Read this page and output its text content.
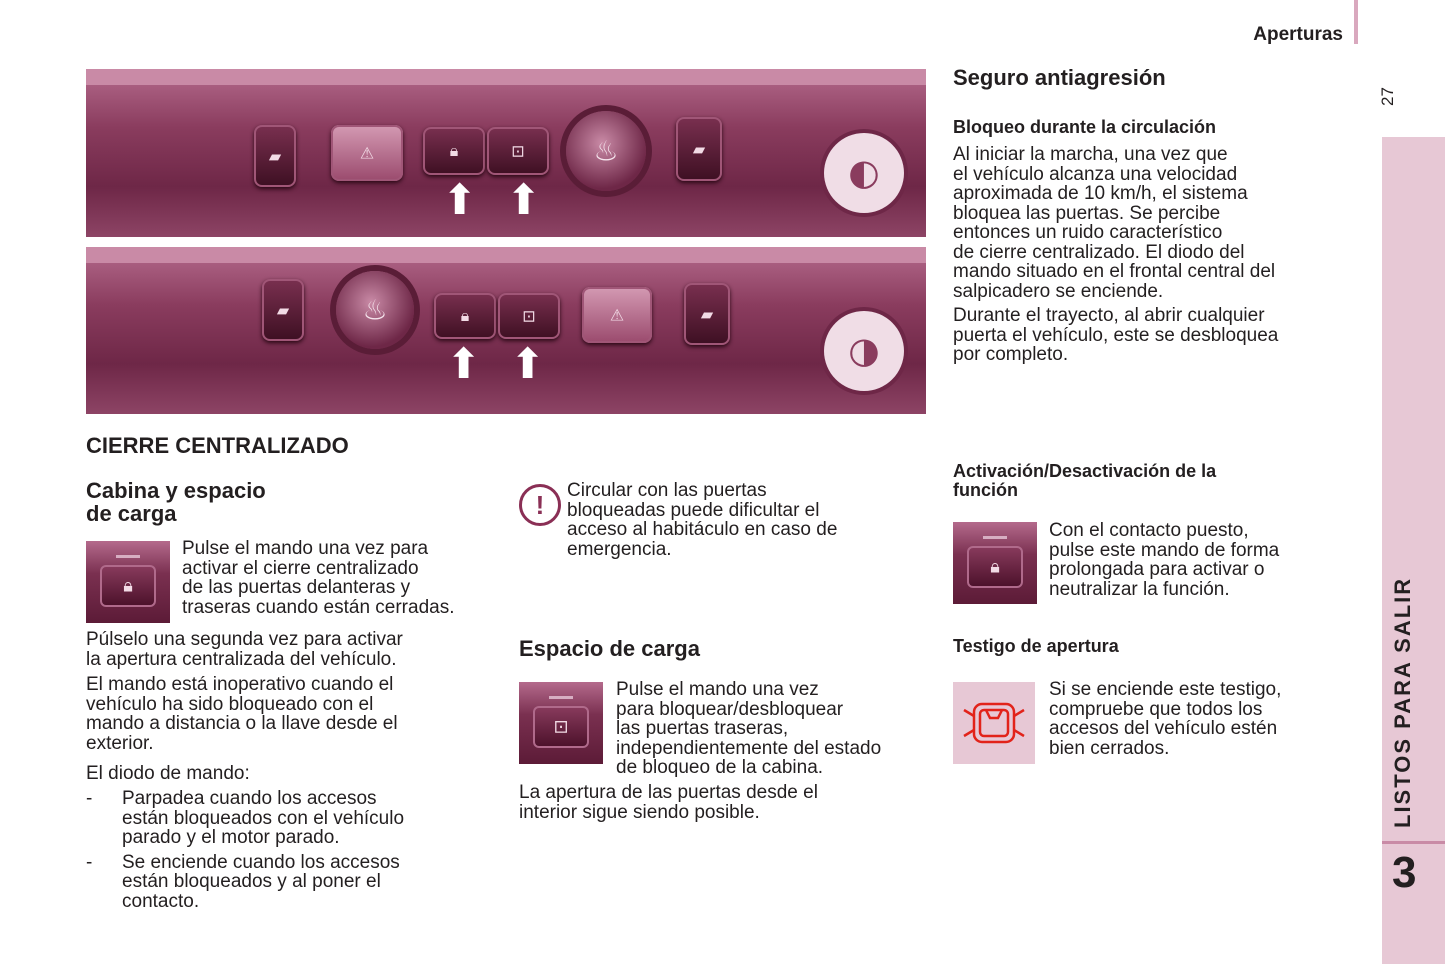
Aperturas
27
LISTOS PARA SALIR
3
▰	⚠	🔒︎	⊡ ♨	▰
⬆ ⬆
◐
▰	♨	🔒︎	⊡	⚠	▰
⬆ ⬆	◑
CIERRE CENTRALIZADO
Cabina y espacio
de carga
🔒︎
Pulse el mando una vez para
activar el cierre centralizado
de las puertas delanteras y
traseras cuando están cerradas.
Púlselo una segunda vez para activar
la apertura centralizada del vehículo.
El mando está inoperativo cuando el
vehículo ha sido bloqueado con el
mando a distancia o la llave desde el
exterior.
El diodo de mando:
- Parpadea cuando los accesos
están bloqueados con el vehículo
parado y el motor parado.
- Se enciende cuando los accesos
están bloqueados y al poner el
contacto.
!	Circular con las puertas
bloqueadas puede dificultar el
acceso al habitáculo en caso de
emergencia.
Espacio de carga
⊡
Pulse el mando una vez
para bloquear/desbloquear
las puertas traseras,
independientemente del estado
de bloqueo de la cabina.
La apertura de las puertas desde el
interior sigue siendo posible.
Seguro antiagresión
Bloqueo durante la circulación
Al iniciar la marcha, una vez que
el vehículo alcanza una velocidad
aproximada de 10 km/h, el sistema
bloquea las puertas. Se percibe
entonces un ruido característico
de cierre centralizado. El diodo del
mando situado en el frontal central del
salpicadero se enciende.
Durante el trayecto, al abrir cualquier
puerta el vehículo, este se desbloquea
por completo.
Activación/Desactivación de la
función
🔒︎
Con el contacto puesto,
pulse este mando de forma
prolongada para activar o
neutralizar la función.
Testigo de apertura
Si se enciende este testigo,
compruebe que todos los
accesos del vehículo estén
bien cerrados.
